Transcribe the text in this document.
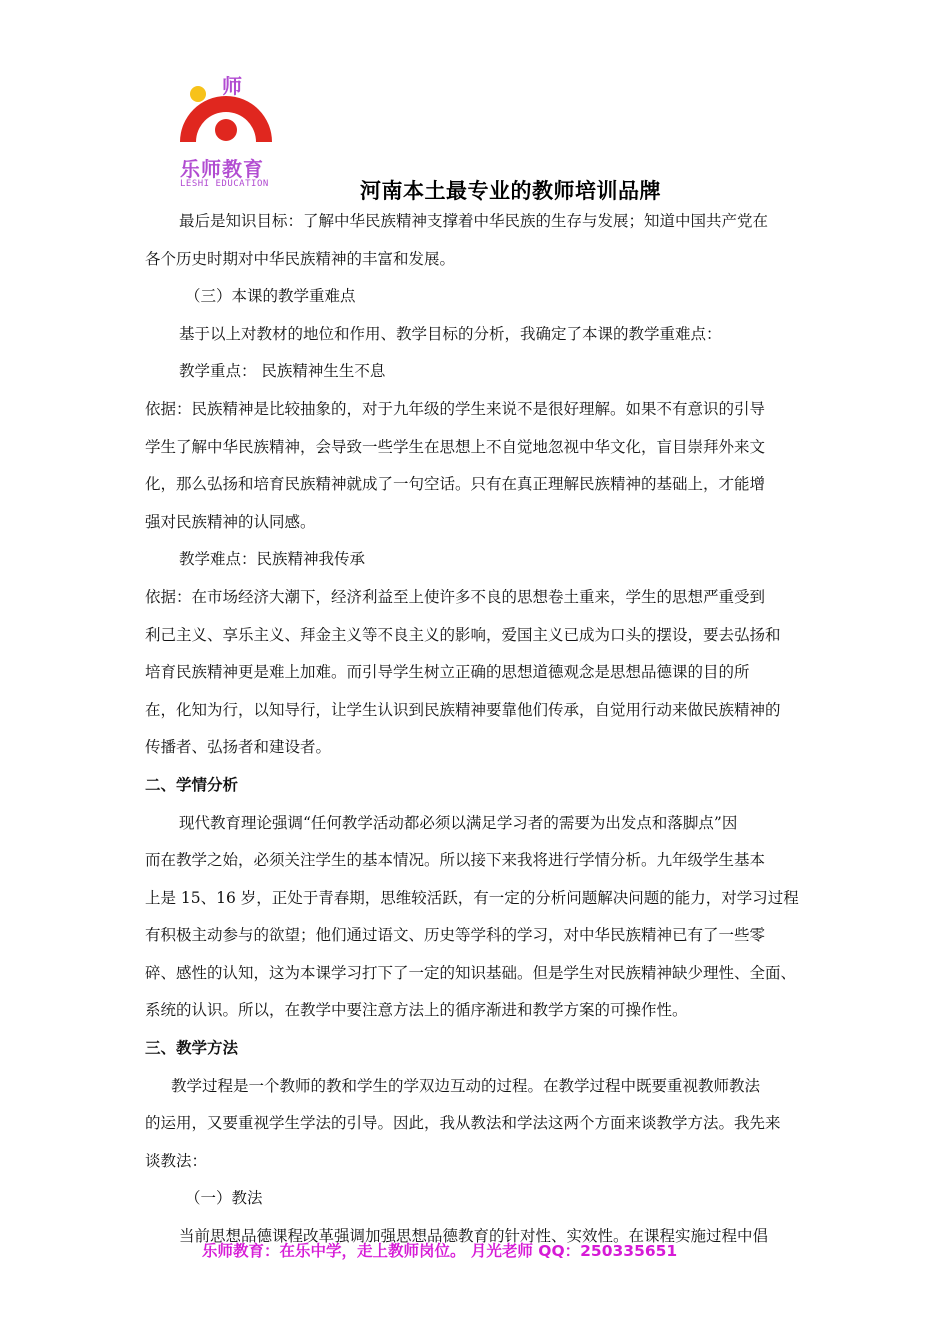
师
乐师教育
LESHI EDUCATION	河南本土最专业的教师培训品牌
最后是知识目标：了解中华民族精神支撑着中华民族的生存与发展；知道中国共产党在
各个历史时期对中华民族精神的丰富和发展。
（三）本课的教学重难点
基于以上对教材的地位和作用、教学目标的分析，我确定了本课的教学重难点：
教学重点： 民族精神生生不息
依据：民族精神是比较抽象的，对于九年级的学生来说不是很好理解。如果不有意识的引导
学生了解中华民族精神，会导致一些学生在思想上不自觉地忽视中华文化，盲目崇拜外来文
化，那么弘扬和培育民族精神就成了一句空话。只有在真正理解民族精神的基础上，才能增
强对民族精神的认同感。
教学难点：民族精神我传承
依据：在市场经济大潮下，经济利益至上使许多不良的思想卷土重来，学生的思想严重受到
利己主义、享乐主义、拜金主义等不良主义的影响，爱国主义已成为口头的摆设，要去弘扬和
培育民族精神更是难上加难。而引导学生树立正确的思想道德观念是思想品德课的目的所
在，化知为行，以知导行，让学生认识到民族精神要靠他们传承，自觉用行动来做民族精神的
传播者、弘扬者和建设者。
二、学情分析
现代教育理论强调“任何教学活动都必须以满足学习者的需要为出发点和落脚点”因
而在教学之始，必须关注学生的基本情况。所以接下来我将进行学情分析。九年级学生基本
上是 15、16 岁，正处于青春期，思维较活跃，有一定的分析问题解决问题的能力，对学习过程
有积极主动参与的欲望；他们通过语文、历史等学科的学习，对中华民族精神已有了一些零
碎、感性的认知，这为本课学习打下了一定的知识基础。但是学生对民族精神缺少理性、全面、
系统的认识。所以，在教学中要注意方法上的循序渐进和教学方案的可操作性。
三、教学方法
教学过程是一个教师的教和学生的学双边互动的过程。在教学过程中既要重视教师教法
的运用，又要重视学生学法的引导。因此，我从教法和学法这两个方面来谈教学方法。我先来
谈教法：
（一）教法
当前思想品德课程改革强调加强思想品德教育的针对性、实效性。在课程实施过程中倡
乐师教育：在乐中学，走上教师岗位。 月光老师 QQ：250335651
